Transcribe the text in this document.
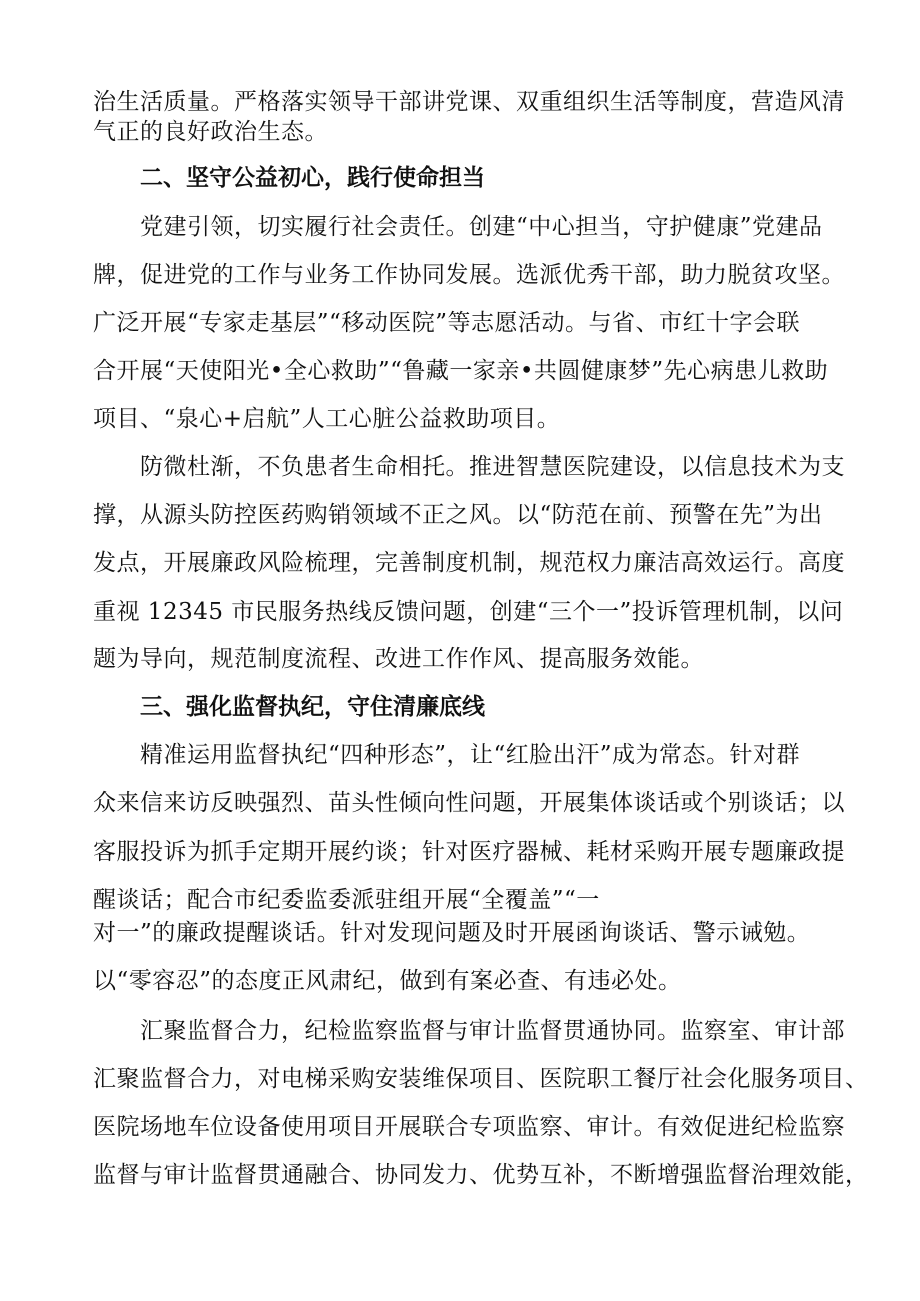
治生活质量。严格落实领导干部讲党课、双重组织生活等制度，营造风清
气正的良好政治生态。
二、坚守公益初心，践行使命担当
党建引领，切实履行社会责任。创建“中心担当，守护健康”党建品
牌，促进党的工作与业务工作协同发展。选派优秀干部，助力脱贫攻坚。
广泛开展“专家走基层”“移动医院”等志愿活动。与省、市红十字会联
合开展“天使阳光•全心救助”“鲁藏一家亲•共圆健康梦”先心病患儿救助
项目、“泉心+启航”人工心脏公益救助项目。
防微杜渐，不负患者生命相托。推进智慧医院建设，以信息技术为支
撑，从源头防控医药购销领域不正之风。以“防范在前、预警在先”为出
发点，开展廉政风险梳理，完善制度机制，规范权力廉洁高效运行。高度
重视 12345 市民服务热线反馈问题，创建“三个一”投诉管理机制，以问
题为导向，规范制度流程、改进工作作风、提高服务效能。
三、强化监督执纪，守住清廉底线
精准运用监督执纪“四种形态”，让“红脸出汗”成为常态。针对群
众来信来访反映强烈、苗头性倾向性问题，开展集体谈话或个别谈话；以
客服投诉为抓手定期开展约谈；针对医疗器械、耗材采购开展专题廉政提
醒谈话；配合市纪委监委派驻组开展“全覆盖”“一
对一”的廉政提醒谈话。针对发现问题及时开展函询谈话、警示诫勉。
以“零容忍”的态度正风肃纪，做到有案必查、有违必处。
汇聚监督合力，纪检监察监督与审计监督贯通协同。监察室、审计部
汇聚监督合力，对电梯采购安装维保项目、医院职工餐厅社会化服务项目、
医院场地车位设备使用项目开展联合专项监察、审计。有效促进纪检监察
监督与审计监督贯通融合、协同发力、优势互补，不断增强监督治理效能，
